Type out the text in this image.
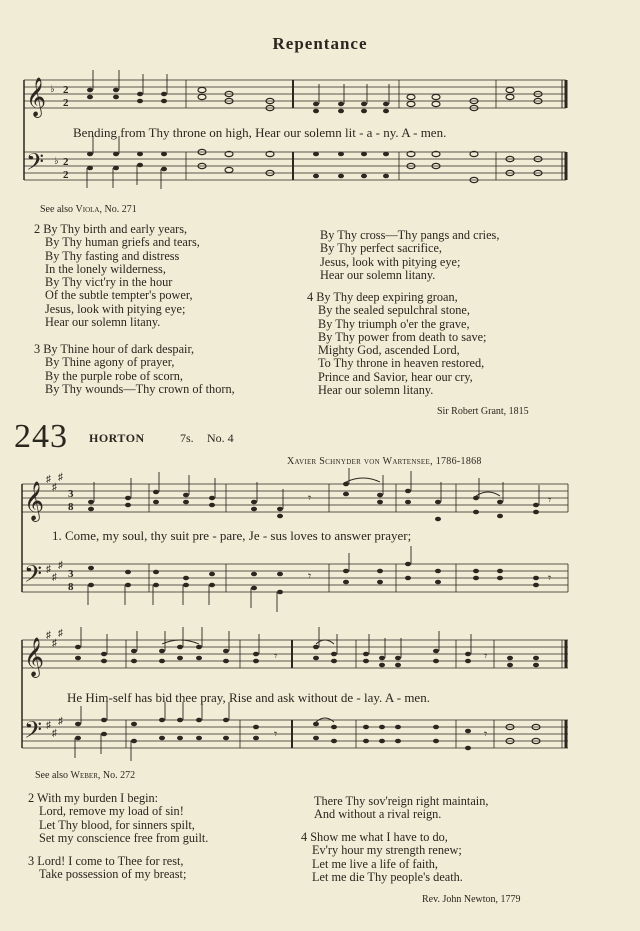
Repentance
𝄞
𝄢
♭
♭
2
2
2
2
Bending from Thy throne on high, Hear our solemn lit - a - ny. A - men.
See also Viola, No. 271
2 By Thy birth and early years,
By Thy human griefs and tears,
By Thy fasting and distress
In the lonely wilderness,
By Thy vict'ry in the hour
Of the subtle tempter's power,
Jesus, look with pitying eye;
Hear our solemn litany.
3 By Thine hour of dark despair,
By Thine agony of prayer,
By the purple robe of scorn,
By Thy wounds—Thy crown of thorn,
By Thy cross—Thy pangs and cries,
By Thy perfect sacrifice,
Jesus, look with pitying eye;
Hear our solemn litany.
4 By Thy deep expiring groan,
By the sealed sepulchral stone,
By Thy triumph o'er the grave,
By Thy power from death to save;
Mighty God, ascended Lord,
To Thy throne in heaven restored,
Prince and Savior, hear our cry,
Hear our solemn litany.
Sir Robert Grant, 1815
243 HORTON	7s. No. 4
Xavier Schnyder von Wartensee, 1786-1868
𝄞
𝄢
♯
♯
♯
♯
♯
♯
3
8
3
8
𝄾
𝄾
𝄾
𝄾
1. Come, my soul, thy suit pre - pare, Je - sus loves to answer prayer;
𝄞
𝄢
♯
♯
♯
♯
♯
♯
𝄾
𝄾
𝄾
𝄾
He Him-self has bid thee pray, Rise and ask without de - lay. A - men.
See also Weber, No. 272
2 With my burden I begin:
Lord, remove my load of sin!
Let Thy blood, for sinners spilt,
Set my conscience free from guilt.
3 Lord! I come to Thee for rest,
Take possession of my breast;
There Thy sov'reign right maintain,
And without a rival reign.
4 Show me what I have to do,
Ev'ry hour my strength renew;
Let me live a life of faith,
Let me die Thy people's death.
Rev. John Newton, 1779
